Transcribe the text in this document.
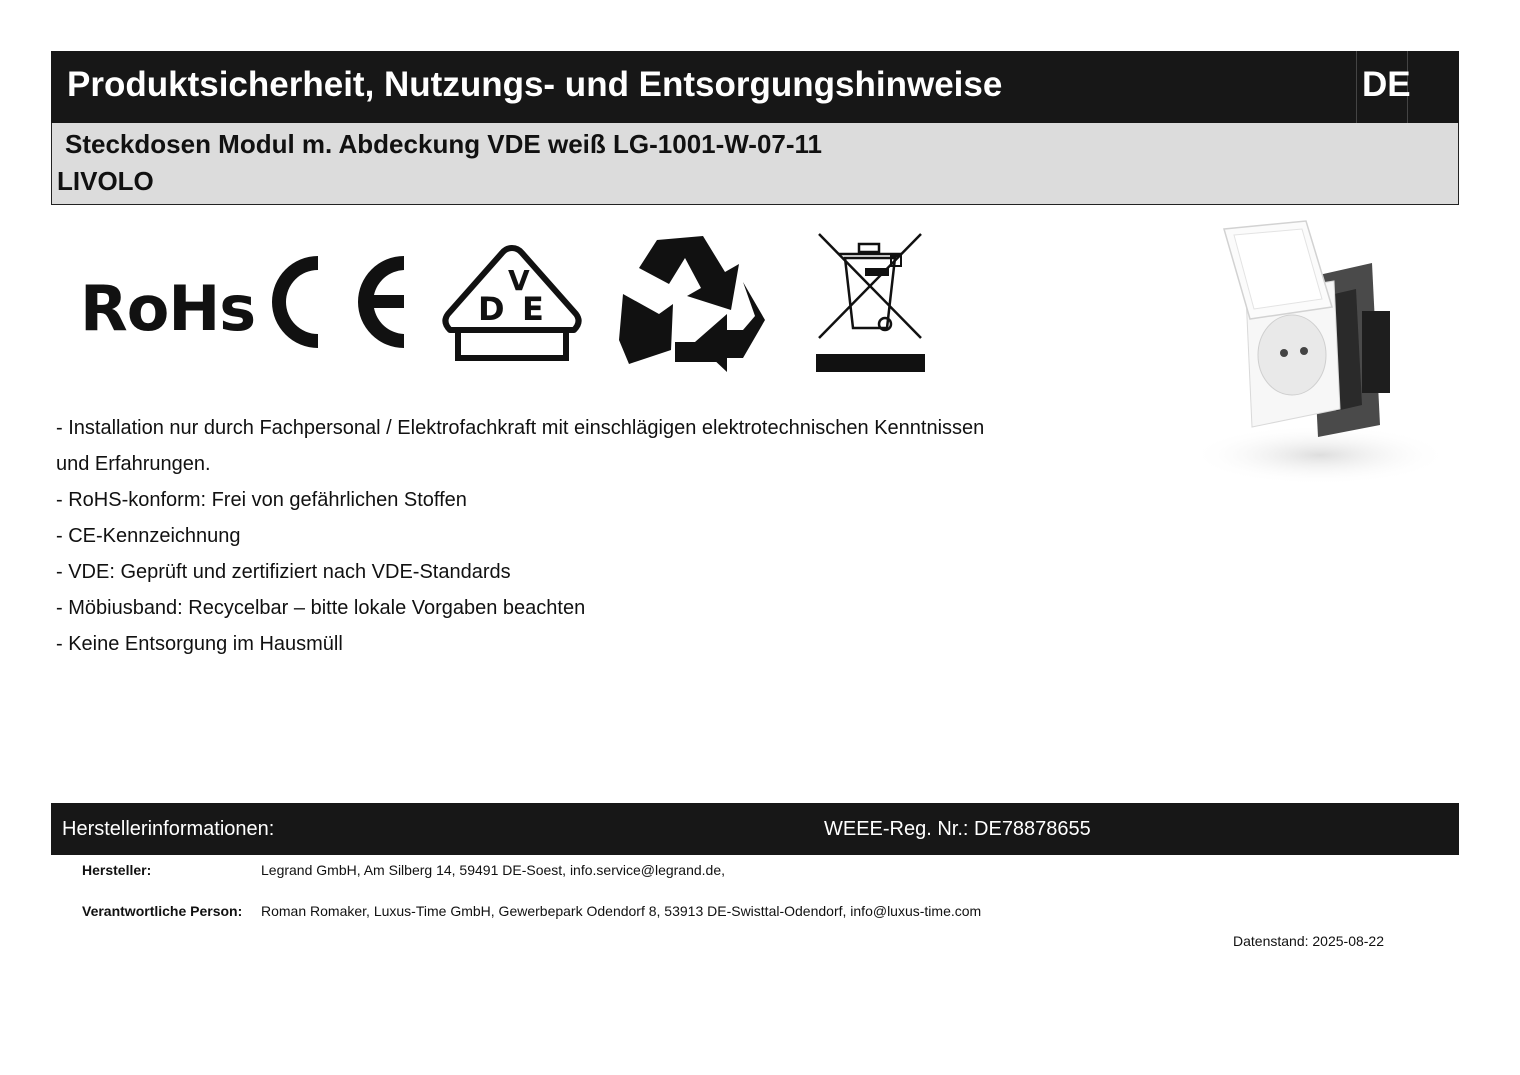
Produktsicherheit, Nutzungs- und Entsorgungshinweise	DE
Steckdosen Modul m. Abdeckung VDE weiß LG-1001-W-07-11
LIVOLO
RoHs	V
D E
- Installation nur durch Fachpersonal / Elektrofachkraft mit einschlägigen elektrotechnischen Kenntnissen
und Erfahrungen.
- RoHS-konform: Frei von gefährlichen Stoffen
- CE-Kennzeichnung
- VDE: Geprüft und zertifiziert nach VDE-Standards
- Möbiusband: Recycelbar – bitte lokale Vorgaben beachten
- Keine Entsorgung im Hausmüll
Herstellerinformationen:	WEEE-Reg. Nr.: DE78878655
Hersteller:	Legrand GmbH, Am Silberg 14, 59491 DE-Soest, info.service@legrand.de,
Verantwortliche Person: Roman Romaker, Luxus-Time GmbH, Gewerbepark Odendorf 8, 53913 DE-Swisttal-Odendorf, info@luxus-time.com
Datenstand: 2025-08-22
